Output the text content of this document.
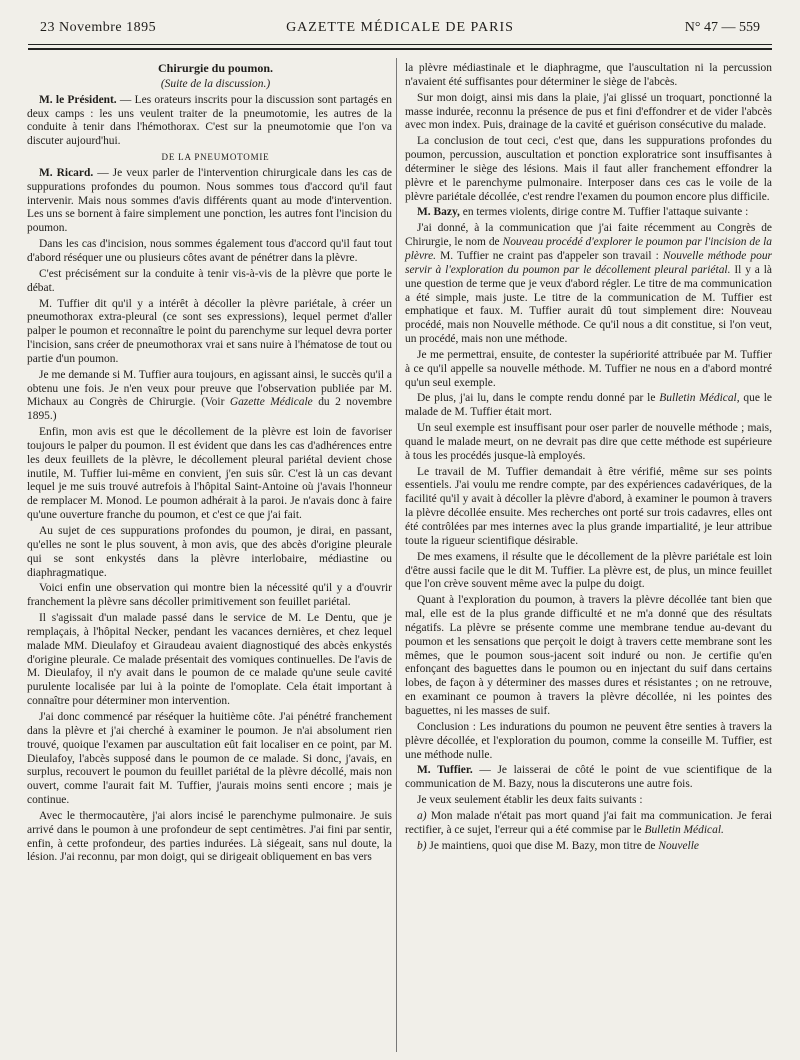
23 Novembre 1895	GAZETTE MÉDICALE DE PARIS	N° 47 — 559

Chirurgie du poumon.

(Suite de la discussion.)

M. le Président. — Les orateurs inscrits pour la discussion sont partagés en deux camps : les uns veulent traiter de la pneumotomie, les autres de la conduite à tenir dans l'hémothorax. C'est sur la pneumotomie que l'on va discuter aujourd'hui.

DE LA PNEUMOTOMIE

M. Ricard. — Je veux parler de l'intervention chirurgicale dans les cas de suppurations profondes du poumon. Nous sommes tous d'accord qu'il faut intervenir. Mais nous sommes d'avis différents quant au mode d'intervention. Les uns se bornent à faire simplement une ponction, les autres font l'incision du poumon.

Dans les cas d'incision, nous sommes également tous d'accord qu'il faut tout d'abord réséquer une ou plusieurs côtes avant de pénétrer dans la plèvre.

C'est précisément sur la conduite à tenir vis-à-vis de la plèvre que porte le débat.

M. Tuffier dit qu'il y a intérêt à décoller la plèvre pariétale, à créer un pneumothorax extra-pleural (ce sont ses expressions), lequel permet d'aller palper le poumon et reconnaître le point du parenchyme sur lequel devra porter l'incision, sans créer de pneumothorax vrai et sans nuire à l'hématose de tout ou partie d'un poumon.

Je me demande si M. Tuffier aura toujours, en agissant ainsi, le succès qu'il a obtenu une fois. Je n'en veux pour preuve que l'observation publiée par M. Michaux au Congrès de Chirurgie. (Voir Gazette Médicale du 2 novembre 1895.)

Enfin, mon avis est que le décollement de la plèvre est loin de favoriser toujours le palper du poumon. Il est évident que dans les cas d'adhérences entre les deux feuillets de la plèvre, le décollement pleural pariétal devient chose inutile, M. Tuffier lui-même en convient, j'en suis sûr. C'est là un cas devant lequel je me suis trouvé autrefois à l'hôpital Saint-Antoine où j'avais l'honneur de remplacer M. Monod. Le poumon adhérait à la paroi. Je n'avais donc à faire qu'une ouverture franche du poumon, et c'est ce que j'ai fait.

Au sujet de ces suppurations profondes du poumon, je dirai, en passant, qu'elles ne sont le plus souvent, à mon avis, que des abcès d'origine pleurale qui se sont enkystés dans la plèvre interlobaire, médiastine ou diaphragmatique.

Voici enfin une observation qui montre bien la nécessité qu'il y a d'ouvrir franchement la plèvre sans décoller primitivement son feuillet pariétal.

Il s'agissait d'un malade passé dans le service de M. Le Dentu, que je remplaçais, à l'hôpital Necker, pendant les vacances dernières, et chez lequel malade MM. Dieulafoy et Giraudeau avaient diagnostiqué des abcès enkystés d'origine pleurale. Ce malade présentait des vomiques continuelles. De l'avis de M. Dieulafoy, il n'y avait dans le poumon de ce malade qu'une seule cavité purulente localisée par lui à la pointe de l'omoplate. Cela était important à connaître pour déterminer mon intervention.

J'ai donc commencé par réséquer la huitième côte. J'ai pénétré franchement dans la plèvre et j'ai cherché à examiner le poumon. Je n'ai absolument rien trouvé, quoique l'examen par auscultation eût fait localiser en ce point, par M. Dieulafoy, l'abcès supposé dans le poumon de ce malade. Si donc, j'avais, en surplus, recouvert le poumon du feuillet pariétal de la plèvre décollé, mais non ouvert, comme l'aurait fait M. Tuffier, j'aurais moins senti encore ; mais je continue.

Avec le thermocautère, j'ai alors incisé le parenchyme pulmonaire. Je suis arrivé dans le poumon à une profondeur de sept centimètres. J'ai fini par sentir, enfin, à cette profondeur, des parties indurées. Là siégeait, sans nul doute, la lésion. J'ai reconnu, par mon doigt, qui se dirigeait obliquement en bas vers

la plèvre médiastinale et le diaphragme, que l'auscultation ni la percussion n'avaient été suffisantes pour déterminer le siège de l'abcès.

Sur mon doigt, ainsi mis dans la plaie, j'ai glissé un troquart, ponctionné la masse indurée, reconnu la présence de pus et fini d'effondrer et de vider l'abcès avec mon index. Puis, drainage de la cavité et guérison consécutive du malade.

La conclusion de tout ceci, c'est que, dans les suppurations profondes du poumon, percussion, auscultation et ponction exploratrice sont insuffisantes à déterminer le siège des lésions. Mais il faut aller franchement effondrer la plèvre et le parenchyme pulmonaire. Interposer dans ces cas le voile de la plèvre pariétale décollée, c'est rendre l'examen du poumon encore plus difficile.

M. Bazy, en termes violents, dirige contre M. Tuffier l'attaque suivante :

J'ai donné, à la communication que j'ai faite récemment au Congrès de Chirurgie, le nom de Nouveau procédé d'explorer le poumon par l'incision de la plèvre. M. Tuffier ne craint pas d'appeler son travail : Nouvelle méthode pour servir à l'exploration du poumon par le décollement pleural pariétal. Il y a là une question de terme que je veux d'abord régler. Le titre de ma communication a été simple, mais juste. Le titre de la communication de M. Tuffier est emphatique et faux. M. Tuffier aurait dû tout simplement dire: Nouveau procédé, mais non Nouvelle méthode. Ce qu'il nous a dit constitue, si l'on veut, un procédé, mais non une méthode.

Je me permettrai, ensuite, de contester la supériorité attribuée par M. Tuffier à ce qu'il appelle sa nouvelle méthode. M. Tuffier ne nous en a d'abord montré qu'un seul exemple.

De plus, j'ai lu, dans le compte rendu donné par le Bulletin Médical, que le malade de M. Tuffier était mort.

Un seul exemple est insuffisant pour oser parler de nouvelle méthode ; mais, quand le malade meurt, on ne devrait pas dire que cette méthode est supérieure à tous les procédés jusque-là employés.

Le travail de M. Tuffier demandait à être vérifié, même sur ses points essentiels. J'ai voulu me rendre compte, par des expériences cadavériques, de la facilité qu'il y avait à décoller la plèvre d'abord, à examiner le poumon à travers la plèvre décollée ensuite. Mes recherches ont porté sur trois cadavres, elles ont été contrôlées par mes internes avec la plus grande impartialité, je leur attribue toute la rigueur scientifique désirable.

De mes examens, il résulte que le décollement de la plèvre pariétale est loin d'être aussi facile que le dit M. Tuffier. La plèvre est, de plus, un mince feuillet que l'on crève souvent même avec la pulpe du doigt.

Quant à l'exploration du poumon, à travers la plèvre décollée tant bien que mal, elle est de la plus grande difficulté et ne m'a donné que des résultats négatifs. La plèvre se présente comme une membrane tendue au-devant du poumon et les sensations que perçoit le doigt à travers cette membrane sont les mêmes, que le poumon sous-jacent soit induré ou non. Je certifie qu'en enfonçant des baguettes dans le poumon ou en injectant du suif dans certains lobes, de façon à y déterminer des masses dures et résistantes ; on ne retrouve, en examinant ce poumon à travers la plèvre décollée, ni les pointes des baguettes, ni les masses de suif.

Conclusion : Les indurations du poumon ne peuvent être senties à travers la plèvre décollée, et l'exploration du poumon, comme la conseille M. Tuffier, est une méthode nulle.

M. Tuffier. — Je laisserai de côté le point de vue scientifique de la communication de M. Bazy, nous la discuterons une autre fois.

Je veux seulement établir les deux faits suivants :

a) Mon malade n'était pas mort quand j'ai fait ma communication. Je ferai rectifier, à ce sujet, l'erreur qui a été commise par le Bulletin Médical.

b) Je maintiens, quoi que dise M. Bazy, mon titre de Nouvelle
